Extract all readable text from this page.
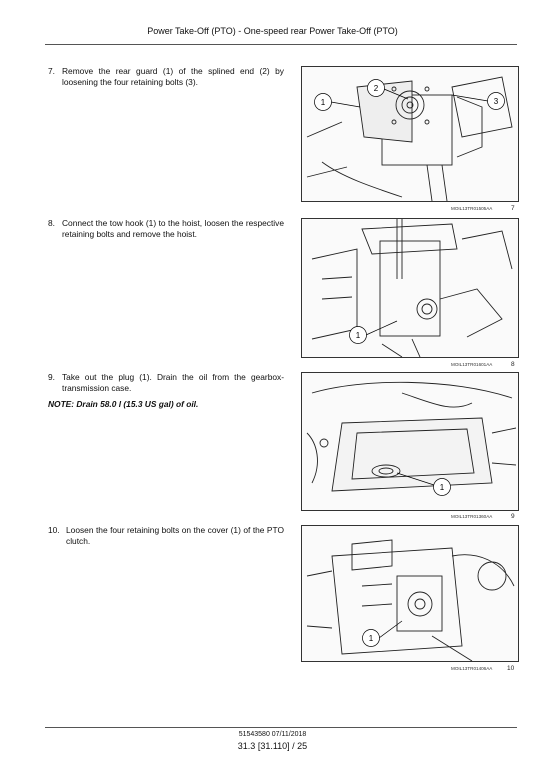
Power Take-Off (PTO) - One-speed rear Power Take-Off (PTO)
7. Remove the rear guard (1) of the splined end (2) by loosening the four retaining bolts (3).
1
2
3
MOIL13TR01505AA	7
8. Connect the tow hook (1) to the hoist, loosen the respective retaining bolts and remove the hoist.
1
MOIL13TR01601AA	8
9. Take out the plug (1). Drain the oil from the gearbox-transmission case.
NOTE: Drain 58.0 l (15.3 US gal) of oil.
1
MOIL13TR01360AA	9
10. Loosen the four retaining bolts on the cover (1) of the PTO clutch.
1
MOIL13TR01406AA 10
51543580 07/11/2018
31.3 [31.110] / 25
